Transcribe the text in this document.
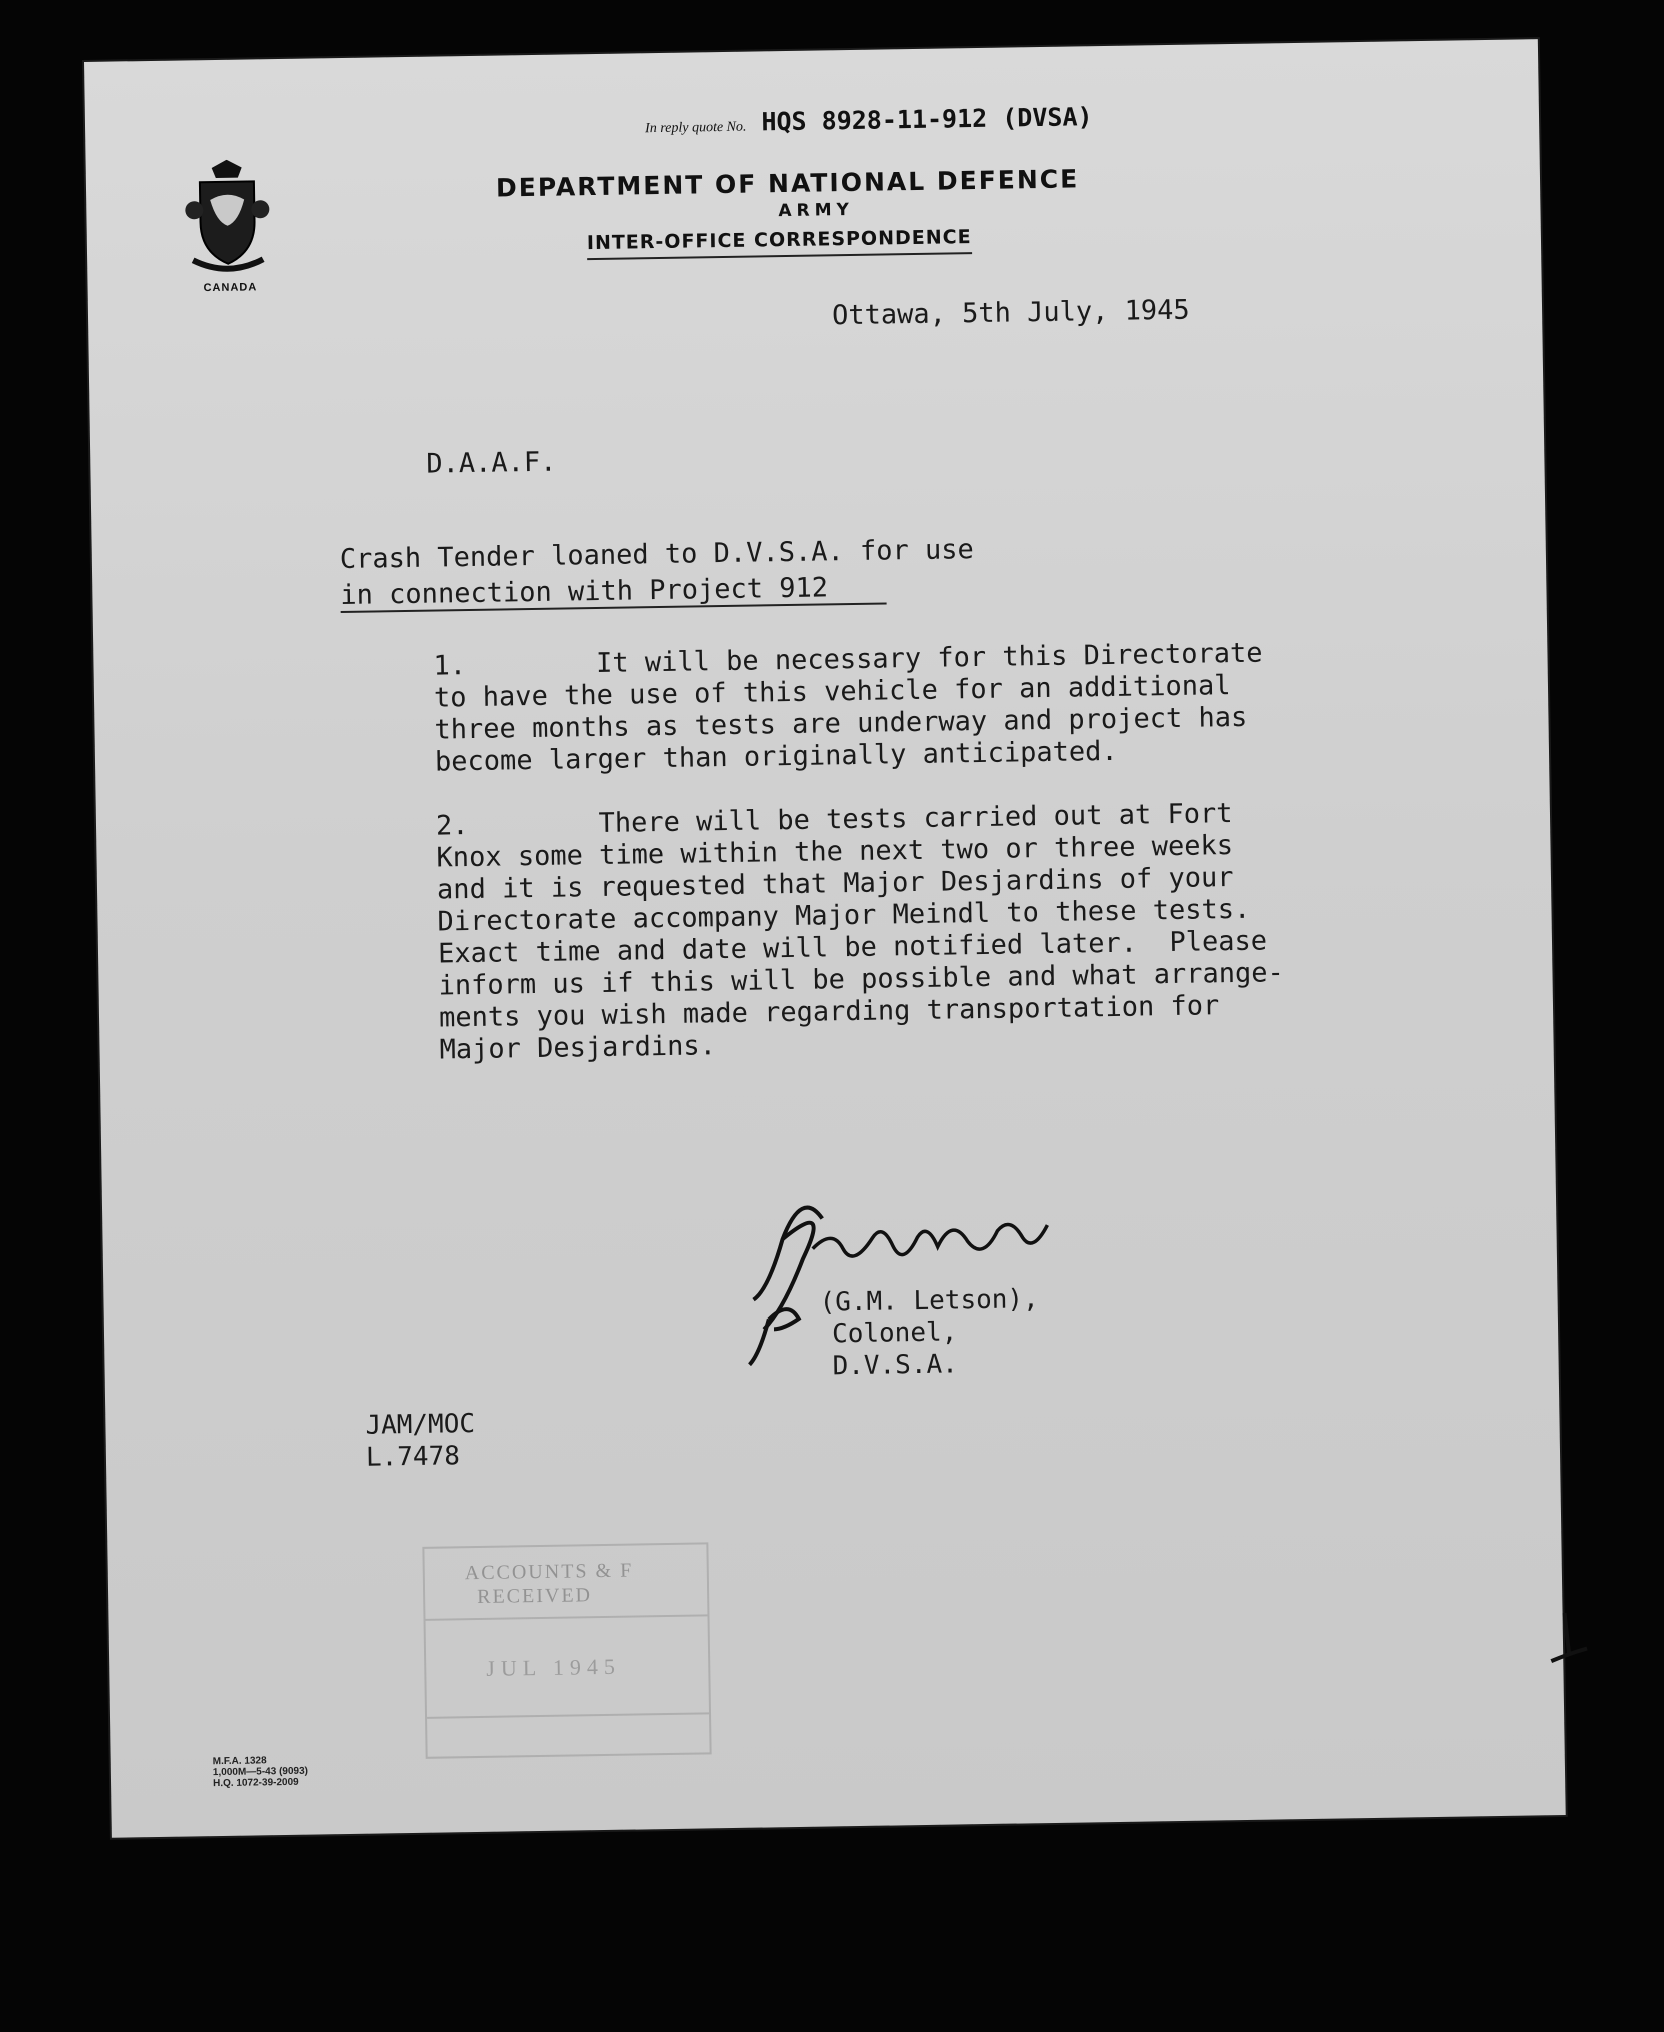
CANADA
In reply quote No. HQS 8928-11-912 (DVSA)
DEPARTMENT OF NATIONAL DEFENCE
ARMY
INTER-OFFICE CORRESPONDENCE
Ottawa, 5th July, 1945
D.A.A.F.
Crash Tender loaned to D.V.S.A. for use
in connection with Project 912
1.        It will be necessary for this Directorate
to have the use of this vehicle for an additional
three months as tests are underway and project has
become larger than originally anticipated.
2.        There will be tests carried out at Fort
Knox some time within the next two or three weeks
and it is requested that Major Desjardins of your
Directorate accompany Major Meindl to these tests.
Exact time and date will be notified later.  Please
inform us if this will be possible and what arrange-
ments you wish made regarding transportation for
Major Desjardins.
(G.M. Letson),
Colonel,
D.V.S.A.
JAM/MOC
L.7478
ACCOUNTS & F
RECEIVED
JUL 1945
M.F.A. 1328
1,000M—5-43 (9093)
H.Q. 1072-39-2009
